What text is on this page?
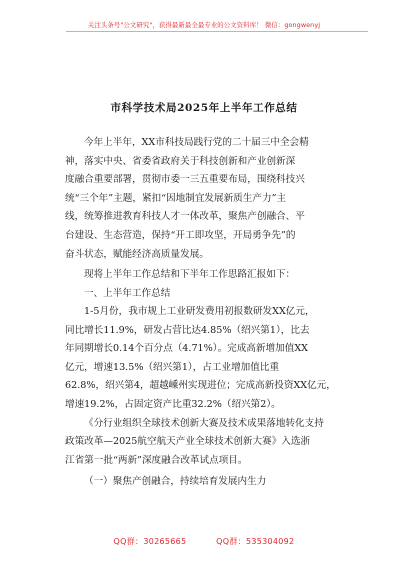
关注头条号"公文研究"，获得最新最全最专业的公文资料库！ 微信：gongwenyj
市科学技术局2025年上半年工作总结
今年上半年，XX市科技局践行党的二十届三中全会精
神，落实中央、省委省政府关于科技创新和产业创新深
度融合重要部署，贯彻市委一三五重要布局，围绕科技兴
统“三个年”主题，紧扣“因地制宜发展新质生产力”主
线，统筹推进教育科技人才一体改革，聚焦产创融合、平
台建设、生态营造，保持“开工即攻坚，开局勇争先”的
奋斗状态，赋能经济高质量发展。
现将上半年工作总结和下半年工作思路汇报如下：
一、上半年工作总结
1-5月份，我市规上工业研发费用初报数研发XX亿元，
同比增长11.9%，研发占营比达4.85%（绍兴第1），比去
年同期增长0.14个百分点（4.71%）。完成高新增加值XX
亿元，增速13.5%（绍兴第1），占工业增加值比重
62.8%，绍兴第4，超越嵊州实现进位；完成高新投资XX亿元，
增速19.2%，占固定资产比重32.2%（绍兴第2）。
《分行业组织全球技术创新大赛及技术成果落地转化支持
政策改革—2025航空航天产业全球技术创新大赛》入选浙
江省第一批“两新”深度融合改革试点项目。
（一）聚焦产创融合，持续培育发展内生力
QQ群：30265665	QQ群：535304092
